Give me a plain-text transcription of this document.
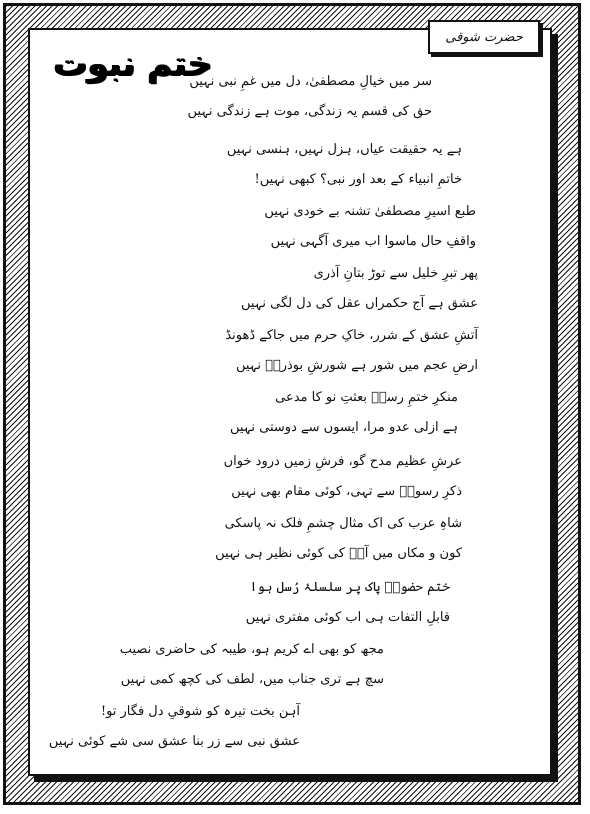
حضرت شوقی
ختم نبوت
سر میں خیالِ مصطفیٰ، دل میں غمِ نبی نہیں
حق کی قسم یہ زندگی، موت ہے زندگی نہیں
ہے یہ حقیقت عیاں، ہزل نہیں، ہنسی نہیں
خاتمِ انبیاء کے بعد اور نبی؟ کبھی نہیں!
طبع اسیرِ مصطفیٰ تشنہ بے خودی نہیں
واقفِ حال ماسوا اب میری آگہی نہیں
پھر تبرِ خلیل سے توڑ بتانِ آذری
عشق ہے آج حکمراں عقل کی دل لگی نہیں
آتشِ عشق کے شرر، خاکِ حرم میں جاکے ڈھونڈ
ارضِ عجم میں شور ہے شورشِ بوذریؓ نہیں
منکرِ ختمِ رسلؐ بعثتِ نو کا مدعی
ہے ازلی عدو مرا، ایسوں سے دوستی نہیں
عرشِ عظیم مدح گو، فرشِ زمیں درود خواں
ذکرِ رسولؐ سے تہی، کوئی مقام بھی نہیں
شاہِ عرب کی اک مثال چشمِ فلک نہ پاسکی
کون و مکاں میں آپؐ کی کوئی نظیر ہی نہیں
ختم حضورؐ پاک پر سلسلۂ رُسل ہوا
قابلِ التفات ہی اب کوئی مفتری نہیں
مجھ کو بھی اے کریم ہو، طیبہ کی حاضری نصیب
سچ ہے تری جناب میں، لطف کی کچھ کمی نہیں
آہن بخت تیرہ کو شوقیِ دل فگار تو!
عشق نبی سے زر بنا عشق سی شے کوئی نہیں
